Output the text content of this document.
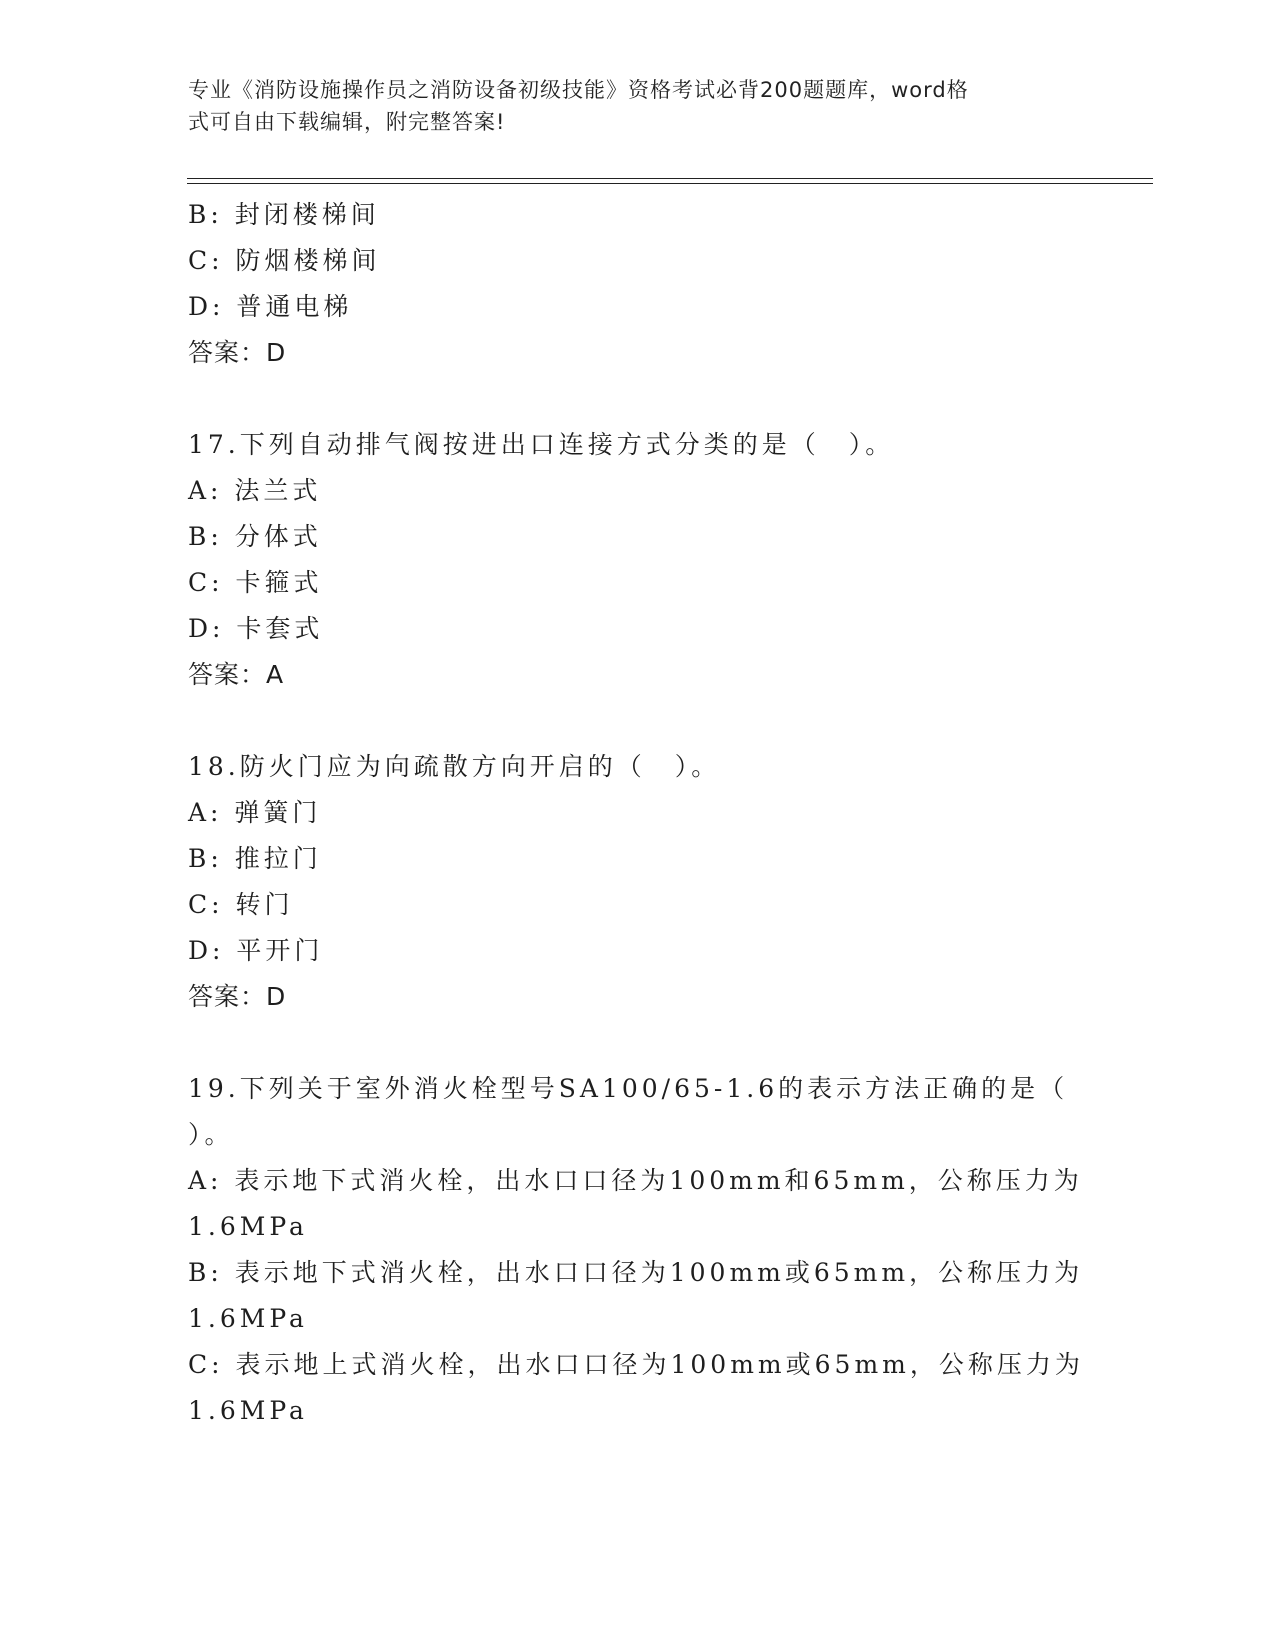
专业《消防设施操作员之消防设备初级技能》资格考试必背200题题库，word格
式可自由下载编辑，附完整答案!
B: 封闭楼梯间
C: 防烟楼梯间
D: 普通电梯
答案：D
17.下列自动排气阀按进出口连接方式分类的是（　）。
A: 法兰式
B: 分体式
C: 卡箍式
D: 卡套式
答案：A
18.防火门应为向疏散方向开启的（　）。
A: 弹簧门
B: 推拉门
C: 转门
D: 平开门
答案：D
19.下列关于室外消火栓型号SA100/65-1.6的表示方法正确的是（
）。
A: 表示地下式消火栓，出水口口径为100mm和65mm，公称压力为
1.6MPa
B: 表示地下式消火栓，出水口口径为100mm或65mm，公称压力为
1.6MPa
C: 表示地上式消火栓，出水口口径为100mm或65mm，公称压力为
1.6MPa
